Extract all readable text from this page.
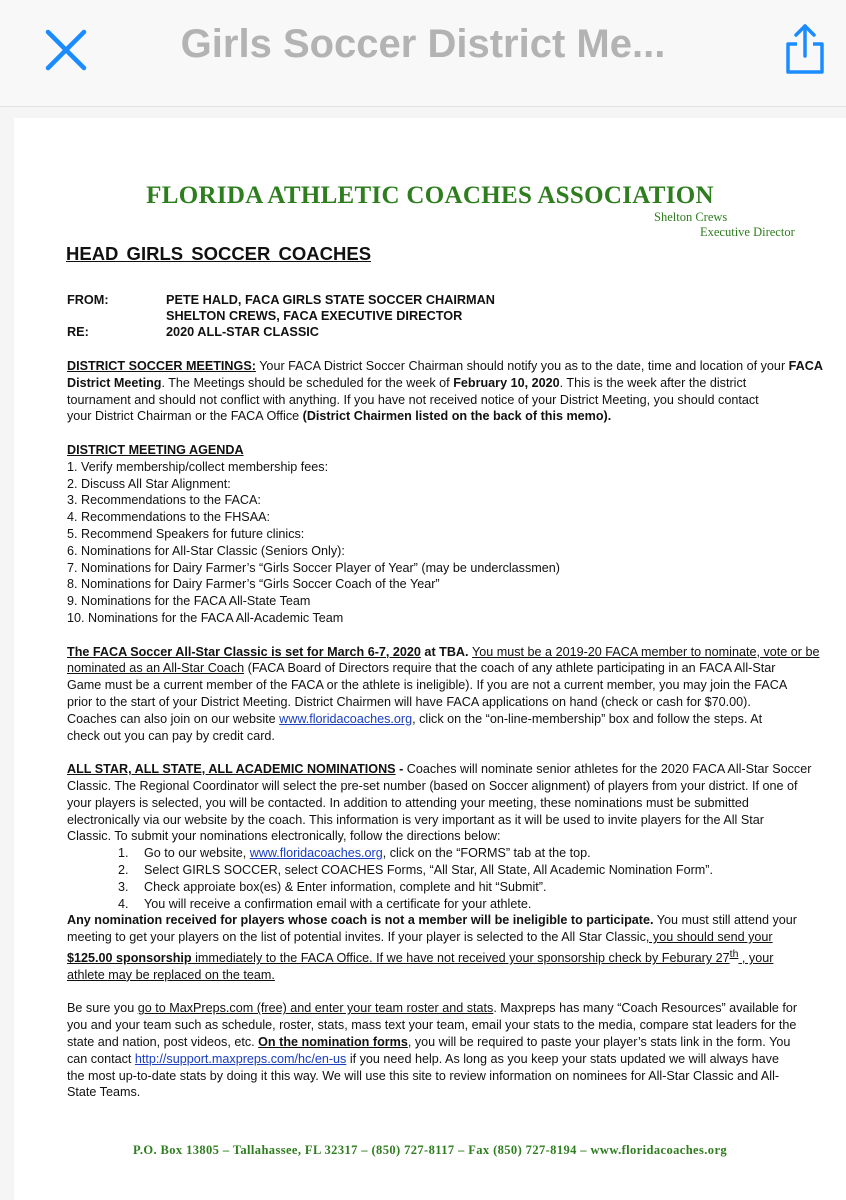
Girls Soccer District Me...
FLORIDA ATHLETIC COACHES ASSOCIATION
Shelton Crews
Executive Director
HEAD GIRLS SOCCER COACHES
FROM:	PETE HALD, FACA GIRLS STATE SOCCER CHAIRMAN
SHELTON CREWS, FACA EXECUTIVE DIRECTOR
RE:	2020 ALL-STAR CLASSIC

DISTRICT SOCCER MEETINGS: Your FACA District Soccer Chairman should notify you as to the date, time and location of your FACA
District Meeting. The Meetings should be scheduled for the week of February 10, 2020. This is the week after the district
tournament and should not conflict with anything. If you have not received notice of your District Meeting, you should contact
your District Chairman or the FACA Office (District Chairmen listed on the back of this memo).

DISTRICT MEETING AGENDA
1. Verify membership/collect membership fees:
2. Discuss All Star Alignment:
3. Recommendations to the FACA:
4. Recommendations to the FHSAA:
5. Recommend Speakers for future clinics:
6. Nominations for All-Star Classic (Seniors Only):
7. Nominations for Dairy Farmer’s “Girls Soccer Player of Year” (may be underclassmen)
8. Nominations for Dairy Farmer’s “Girls Soccer Coach of the Year”
9. Nominations for the FACA All-State Team
10. Nominations for the FACA All-Academic Team

The FACA Soccer All-Star Classic is set for March 6-7, 2020 at TBA. You must be a 2019-20 FACA member to nominate, vote or be
nominated as an All-Star Coach (FACA Board of Directors require that the coach of any athlete participating in an FACA All-Star
Game must be a current member of the FACA or the athlete is ineligible). If you are not a current member, you may join the FACA
prior to the start of your District Meeting. District Chairmen will have FACA applications on hand (check or cash for $70.00).
Coaches can also join on our website www.floridacoaches.org, click on the “on-line-membership” box and follow the steps. At
check out you can pay by credit card.

ALL STAR, ALL STATE, ALL ACADEMIC NOMINATIONS - Coaches will nominate senior athletes for the 2020 FACA All-Star Soccer
Classic. The Regional Coordinator will select the pre-set number (based on Soccer alignment) of players from your district. If one of
your players is selected, you will be contacted. In addition to attending your meeting, these nominations must be submitted
electronically via our website by the coach. This information is very important as it will be used to invite players for the All Star
Classic. To submit your nominations electronically, follow the directions below:
1. Go to our website, www.floridacoaches.org, click on the “FORMS” tab at the top.
2. Select GIRLS SOCCER, select COACHES Forms, “All Star, All State, All Academic Nomination Form”.
3. Check approiate box(es) & Enter information, complete and hit “Submit”.
4. You will receive a confirmation email with a certificate for your athlete.
Any nomination received for players whose coach is not a member will be ineligible to participate. You must still attend your
meeting to get your players on the list of potential invites. If your player is selected to the All Star Classic, you should send your
$125.00 sponsorship immediately to the FACA Office. If we have not received your sponsorship check by Feburary 27th , your
athlete may be replaced on the team.

Be sure you go to MaxPreps.com (free) and enter your team roster and stats. Maxpreps has many “Coach Resources” available for
you and your team such as schedule, roster, stats, mass text your team, email your stats to the media, compare stat leaders for the
state and nation, post videos, etc. On the nomination forms, you will be required to paste your player’s stats link in the form. You
can contact http://support.maxpreps.com/hc/en-us if you need help. As long as you keep your stats updated we will always have
the most up-to-date stats by doing it this way. We will use this site to review information on nominees for All-Star Classic and All-
State Teams.

P.O. Box 13805 – Tallahassee, FL 32317 – (850) 727-8117 – Fax (850) 727-8194 – www.floridacoaches.org
